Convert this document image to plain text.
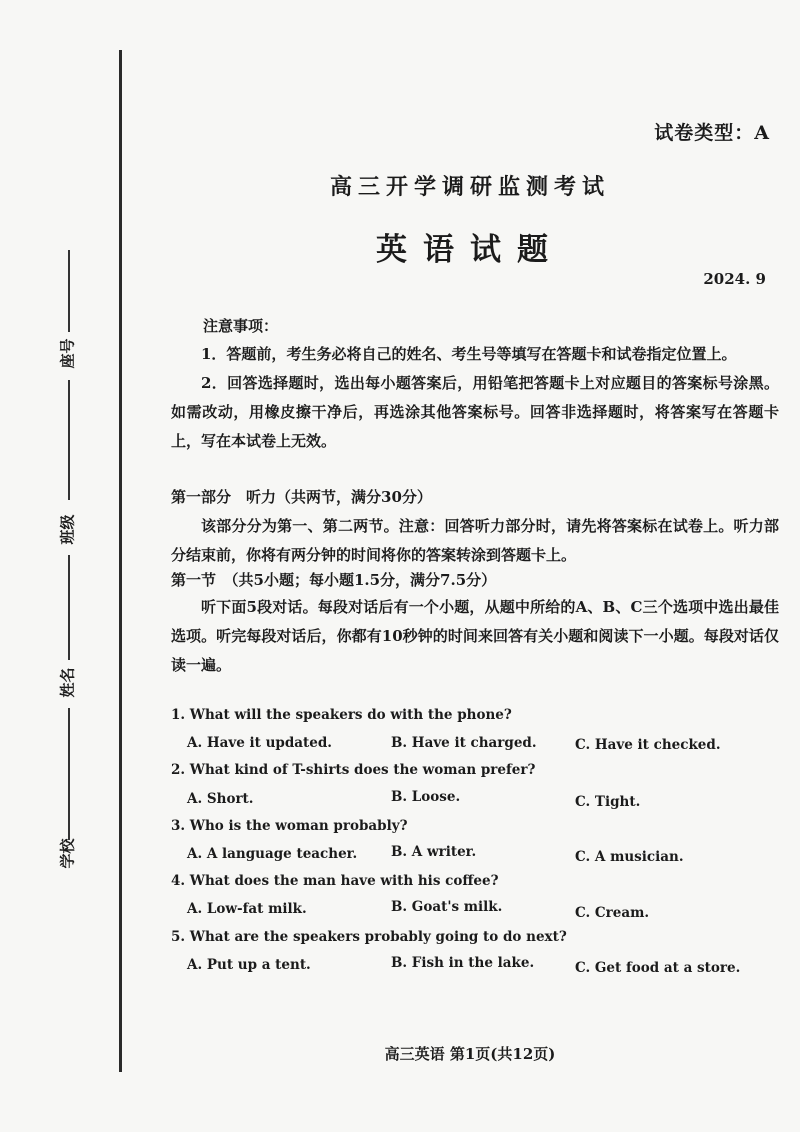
座号
班级
姓名
学校
试卷类型：A
高三开学调研监测考试
英语试题
2024. 9
注意事项：
1．答题前，考生务必将自己的姓名、考生号等填写在答题卡和试卷指定位置上。
2．回答选择题时，选出每小题答案后，用铅笔把答题卡上对应题目的答案标号涂黑。如需改动，用橡皮擦干净后，再选涂其他答案标号。回答非选择题时，将答案写在答题卡上，写在本试卷上无效。
第一部分　听力（共两节，满分30分）
该部分分为第一、第二两节。注意：回答听力部分时，请先将答案标在试卷上。听力部分结束前，你将有两分钟的时间将你的答案转涂到答题卡上。
第一节　（共5小题；每小题1.5分，满分7.5分）
听下面5段对话。每段对话后有一个小题，从题中所给的A、B、C三个选项中选出最佳选项。听完每段对话后，你都有10秒钟的时间来回答有关小题和阅读下一小题。每段对话仅读一遍。
1. What will the speakers do with the phone?
A. Have it updated.	B. Have it charged.	C. Have it checked.
2. What kind of T-shirts does the woman prefer?
A. Short.	B. Loose.	C. Tight.
3. Who is the woman probably?
A. A language teacher.	B. A writer.	C. A musician.
4. What does the man have with his coffee?
A. Low-fat milk.	B. Goat's milk.	C. Cream.
5. What are the speakers probably going to do next?
A. Put up a tent.	B. Fish in the lake.	C. Get food at a store.
高三英语 第1页(共12页)
